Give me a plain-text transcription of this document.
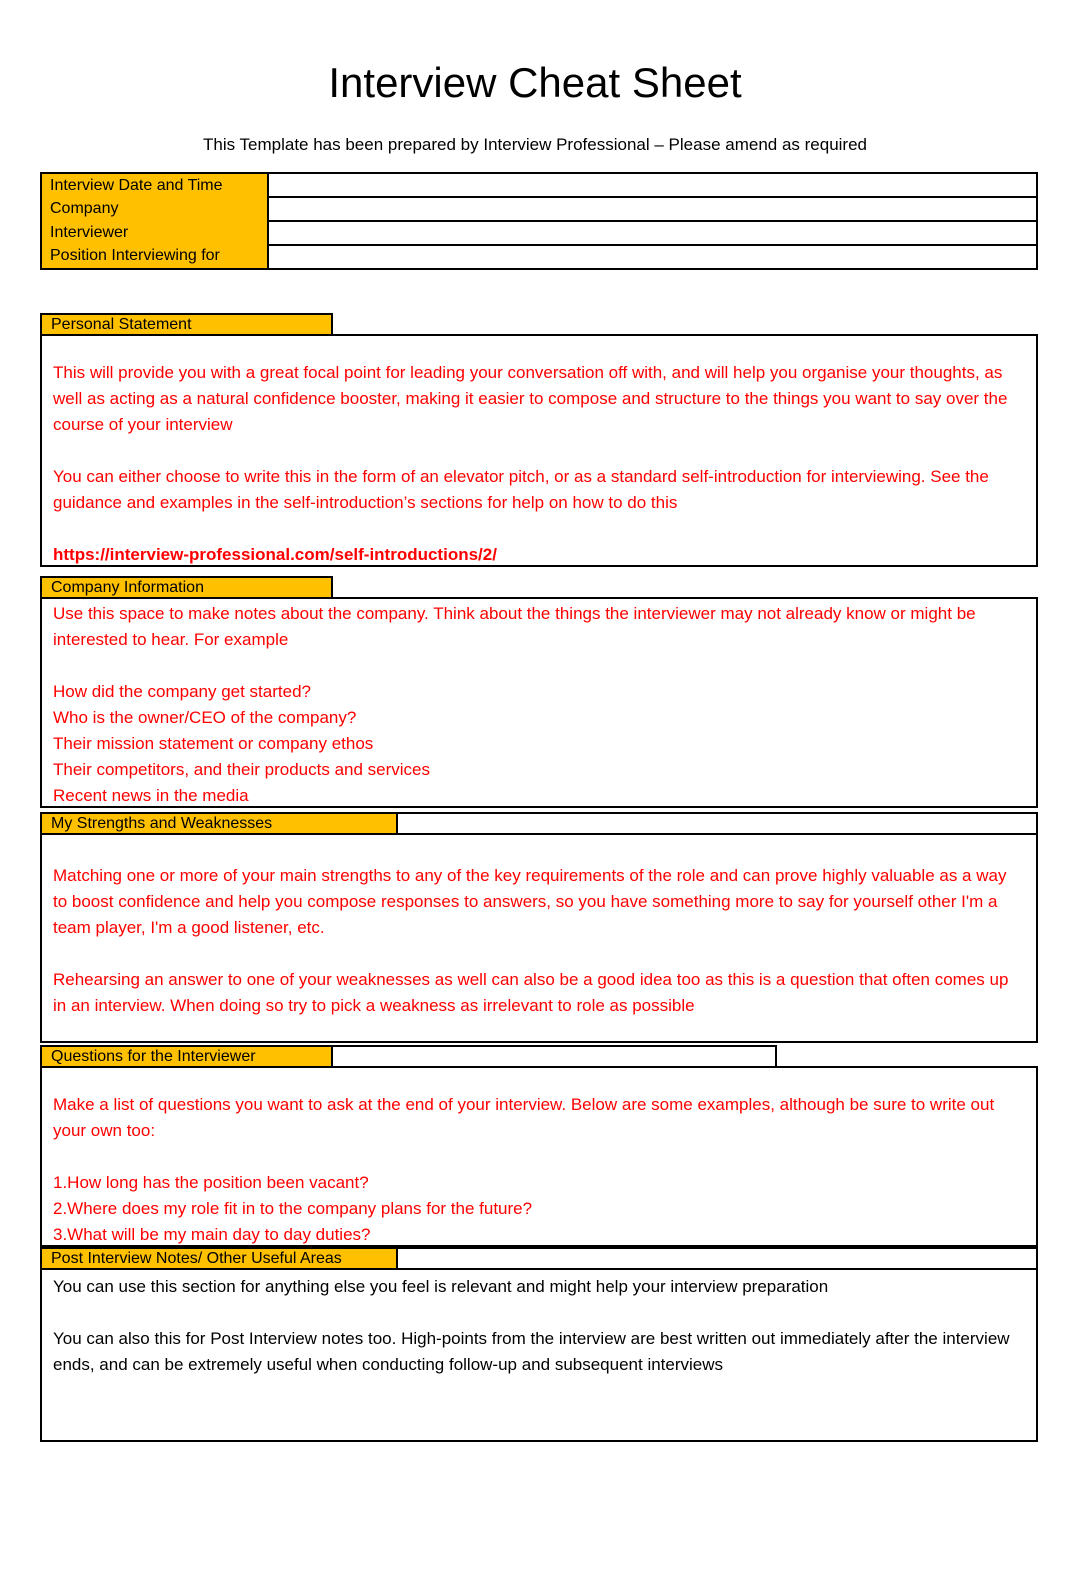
Interview Cheat Sheet

This Template has been prepared by Interview Professional – Please amend as required

Interview Date and Time
Company
Interviewer
Position Interviewing for
Personal Statement

This will provide you with a great focal point for leading your conversation off with, and will help you organise your thoughts, as well as acting as a natural confidence booster, making it easier to compose and structure to the things you want to say over the course of your interview

You can either choose to write this in the form of an elevator pitch, or as a standard self-introduction for interviewing. See the guidance and examples in the self-introduction’s sections for help on how to do this

https://interview-professional.com/self-introductions/2/

Company Information

Use this space to make notes about the company. Think about the things the interviewer may not already know or might be interested to hear. For example

How did the company get started?

Who is the owner/CEO of the company?

Their mission statement or company ethos

Their competitors, and their products and services

Recent news in the media

My Strengths and Weaknesses

Matching one or more of your main strengths to any of the key requirements of the role and can prove highly valuable as a way to boost confidence and help you compose responses to answers, so you have something more to say for yourself other I'm a team player, I'm a good listener, etc.

Rehearsing an answer to one of your weaknesses as well can also be a good idea too as this is a question that often comes up in an interview. When doing so try to pick a weakness as irrelevant to role as possible

Questions for the Interviewer

Make a list of questions you want to ask at the end of your interview. Below are some examples, although be sure to write out your own too:

1.How long has the position been vacant?

2.Where does my role fit in to the company plans for the future?

3.What will be my main day to day duties?

Post Interview Notes/ Other Useful Areas

You can use this section for anything else you feel is relevant and might help your interview preparation

You can also this for Post Interview notes too. High-points from the interview are best written out immediately after the interview ends, and can be extremely useful when conducting follow-up and subsequent interviews
